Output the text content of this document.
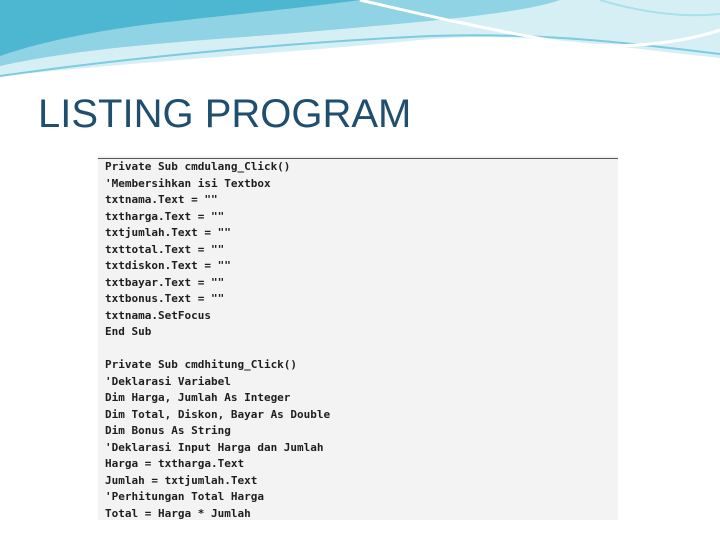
LISTING PROGRAM
Private Sub cmdulang_Click()
'Membersihkan isi Textbox
txtnama.Text = ""
txtharga.Text = ""
txtjumlah.Text = ""
txttotal.Text = ""
txtdiskon.Text = ""
txtbayar.Text = ""
txtbonus.Text = ""
txtnama.SetFocus
End Sub
Private Sub cmdhitung_Click()
'Deklarasi Variabel
Dim Harga, Jumlah As Integer
Dim Total, Diskon, Bayar As Double
Dim Bonus As String
'Deklarasi Input Harga dan Jumlah
Harga = txtharga.Text
Jumlah = txtjumlah.Text
'Perhitungan Total Harga
Total = Harga * Jumlah
